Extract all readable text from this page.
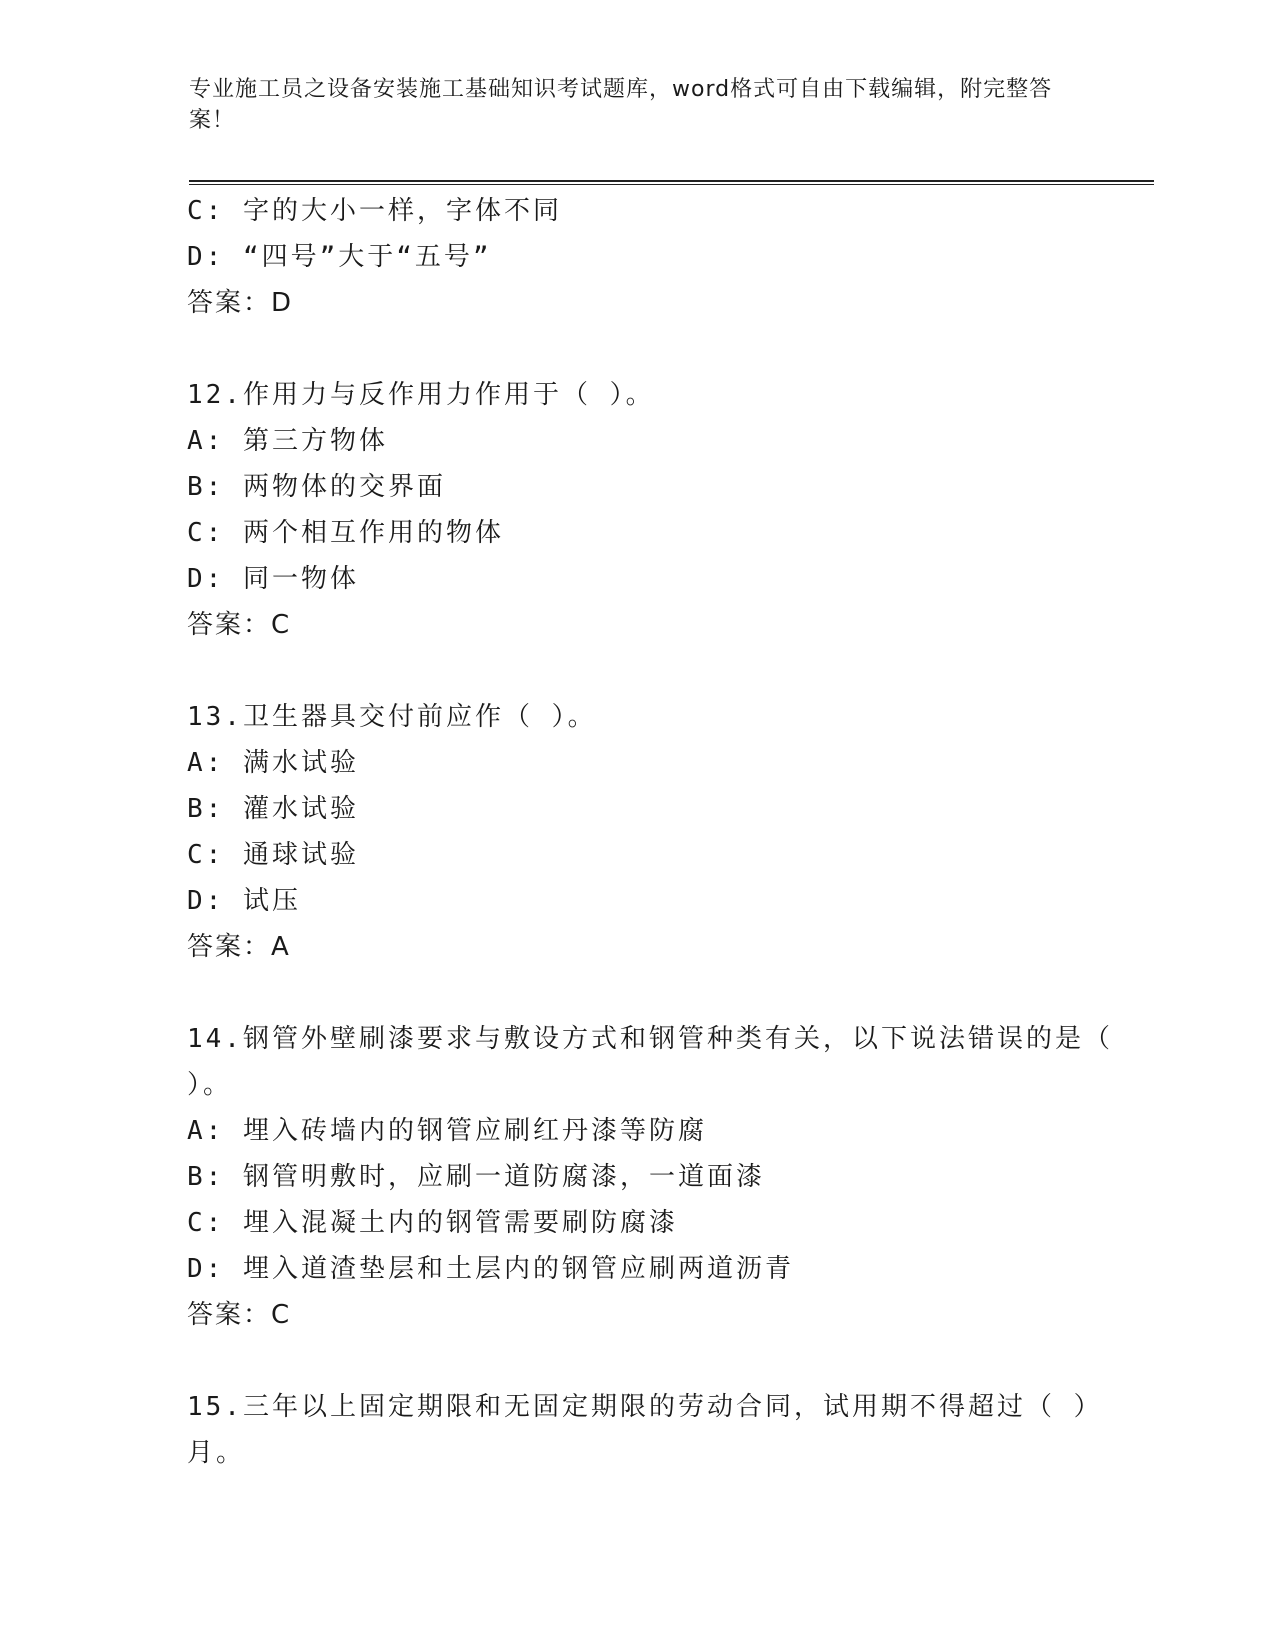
专业施工员之设备安装施工基础知识考试题库，word格式可自由下载编辑，附完整答案！
C: 字的大小一样，字体不同
D: “四号”大于“五号”
答案：D
12.作用力与反作用力作用于（ ）。
A: 第三方物体
B: 两物体的交界面
C: 两个相互作用的物体
D: 同一物体
答案：C
13.卫生器具交付前应作（ ）。
A: 满水试验
B: 灌水试验
C: 通球试验
D: 试压
答案：A
14.钢管外壁刷漆要求与敷设方式和钢管种类有关，以下说法错误的是（ ）。
A: 埋入砖墙内的钢管应刷红丹漆等防腐
B: 钢管明敷时，应刷一道防腐漆，一道面漆
C: 埋入混凝土内的钢管需要刷防腐漆
D: 埋入道渣垫层和土层内的钢管应刷两道沥青
答案：C
15.三年以上固定期限和无固定期限的劳动合同，试用期不得超过（ ）月。
